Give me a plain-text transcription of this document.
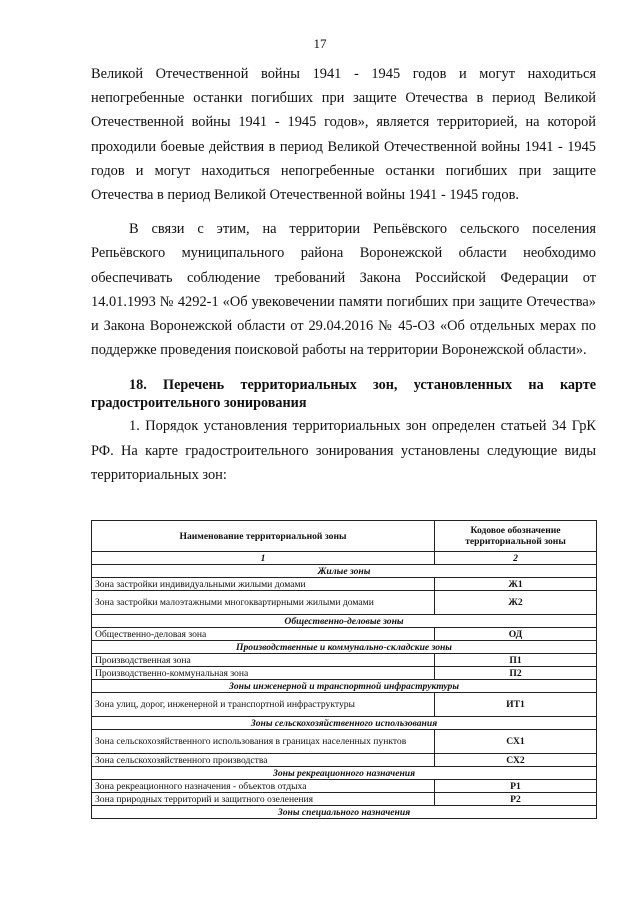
17

Великой Отечественной войны 1941 - 1945 годов и могут находиться непогребенные останки погибших при защите Отечества в период Великой Отечественной войны 1941 - 1945 годов», является территорией, на которой проходили боевые действия в период Великой Отечественной войны 1941 - 1945 годов и могут находиться непогребенные останки погибших при защите Отечества в период Великой Отечественной войны 1941 - 1945 годов.

В связи с этим, на территории Репьёвского сельского поселения Репьёвского муниципального района Воронежской области необходимо обеспечивать соблюдение требований Закона Российской Федерации от 14.01.1993 № 4292-1 «Об увековечении памяти погибших при защите Отечества» и Закона Воронежской области от 29.04.2016 № 45-ОЗ «Об отдельных мерах по поддержке проведения поисковой работы на территории Воронежской области».

18. Перечень территориальных зон, установленных на карте градостроительного зонирования

1. Порядок установления территориальных зон определен статьей 34 ГрК РФ. На карте градостроительного зонирования установлены следующие виды территориальных зон:

Наименование территориальной зоны	Кодовое обозначение территориальной зоны
1	2
Жилые зоны	
Зона застройки индивидуальными жилыми домами	Ж1
Зона застройки малоэтажными многоквартирными жилыми домами	Ж2
Общественно-деловые зоны	
Общественно-деловая зона	ОД
Производственные и коммунально-складские зоны	
Производственная зона	П1
Производственно-коммунальная зона	П2
Зоны инженерной и транспортной инфраструктуры	
Зона улиц, дорог, инженерной и транспортной инфраструктуры	ИТ1
Зоны сельскохозяйственного использования	
Зона сельскохозяйственного использования в границах населенных пунктов	СХ1
Зона сельскохозяйственного производства	СХ2
Зоны рекреационного назначения	
Зона рекреационного назначения - объектов отдыха	Р1
Зона природных территорий и защитного озеленения	Р2
Зоны специального назначения	
